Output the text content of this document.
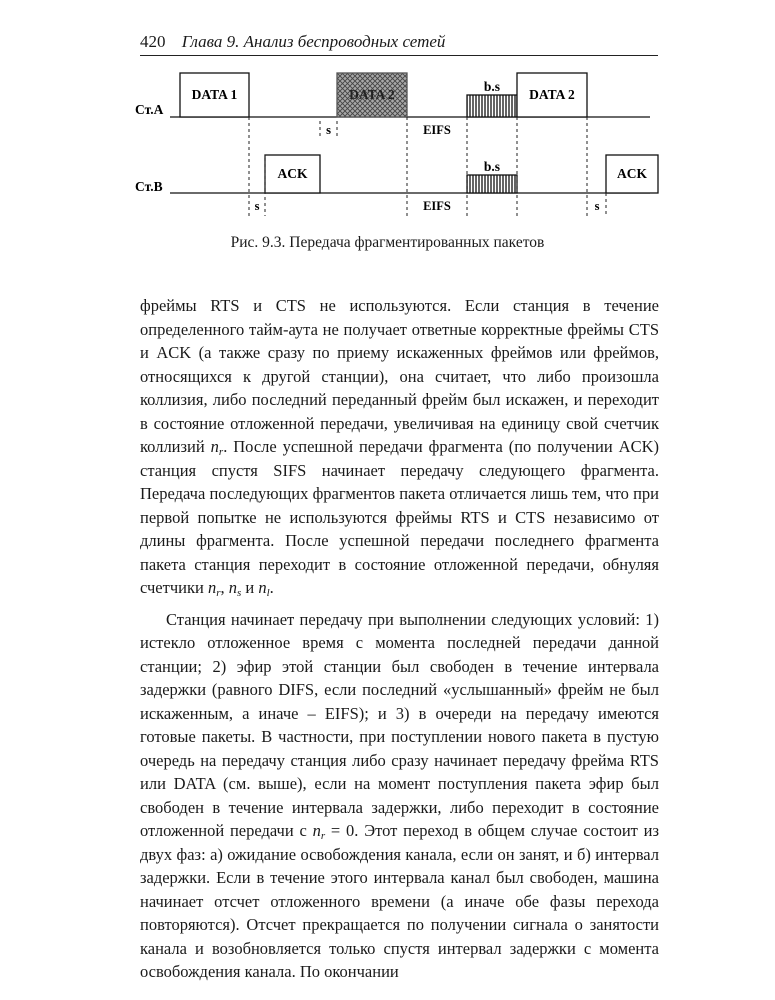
420 Глава 9. Анализ беспроводных сетей
Ст.А
Ст.В
DATA 1	DATA 2
b.s
DATA 2
ACK	b.s	ACK
s
s	s
EIFS
EIFS
Рис. 9.3. Передача фрагментированных пакетов

фреймы RTS и CTS не используются. Если станция в течение определенного тайм-аута не получает ответные корректные фреймы CTS и ACK (а также сразу по приему искаженных фреймов или фреймов, относящихся к другой станции), она считает, что либо произошла коллизия, либо последний переданный фрейм был искажен, и переходит в состояние отложенной передачи, увеличивая на единицу свой счетчик коллизий $n_r$. После успешной передачи фрагмента (по получении ACK) станция спустя SIFS начинает передачу следующего фрагмента. Передача последующих фрагментов пакета отличается лишь тем, что при первой попытке не используются фреймы RTS и CTS независимо от длины фрагмента. После успешной передачи последнего фрагмента пакета станция переходит в состояние отложенной передачи, обнуляя счетчики $n_r$, $n_s$ и $n_l$.

Станция начинает передачу при выполнении следующих условий: 1) истекло отложенное время с момента последней передачи данной станции; 2) эфир этой станции был свободен в течение интервала задержки (равного DIFS, если последний «услышанный» фрейм не был искаженным, а иначе – EIFS); и 3) в очереди на передачу имеются готовые пакеты. В частности, при поступлении нового пакета в пустую очередь на передачу станция либо сразу начинает передачу фрейма RTS или DATA (см. выше), если на момент поступления пакета эфир был свободен в течение интервала задержки, либо переходит в состояние отложенной передачи с $n_r = 0$. Этот переход в общем случае состоит из двух фаз: а) ожидание освобождения канала, если он занят, и б) интервал задержки. Если в течение этого интервала канал был свободен, машина начинает отсчет отложенного времени (а иначе обе фазы перехода повторяются). Отсчет прекращается по получении сигнала о занятости канала и возобновляется только спустя интервал задержки с момента освобождения канала. По окончании
